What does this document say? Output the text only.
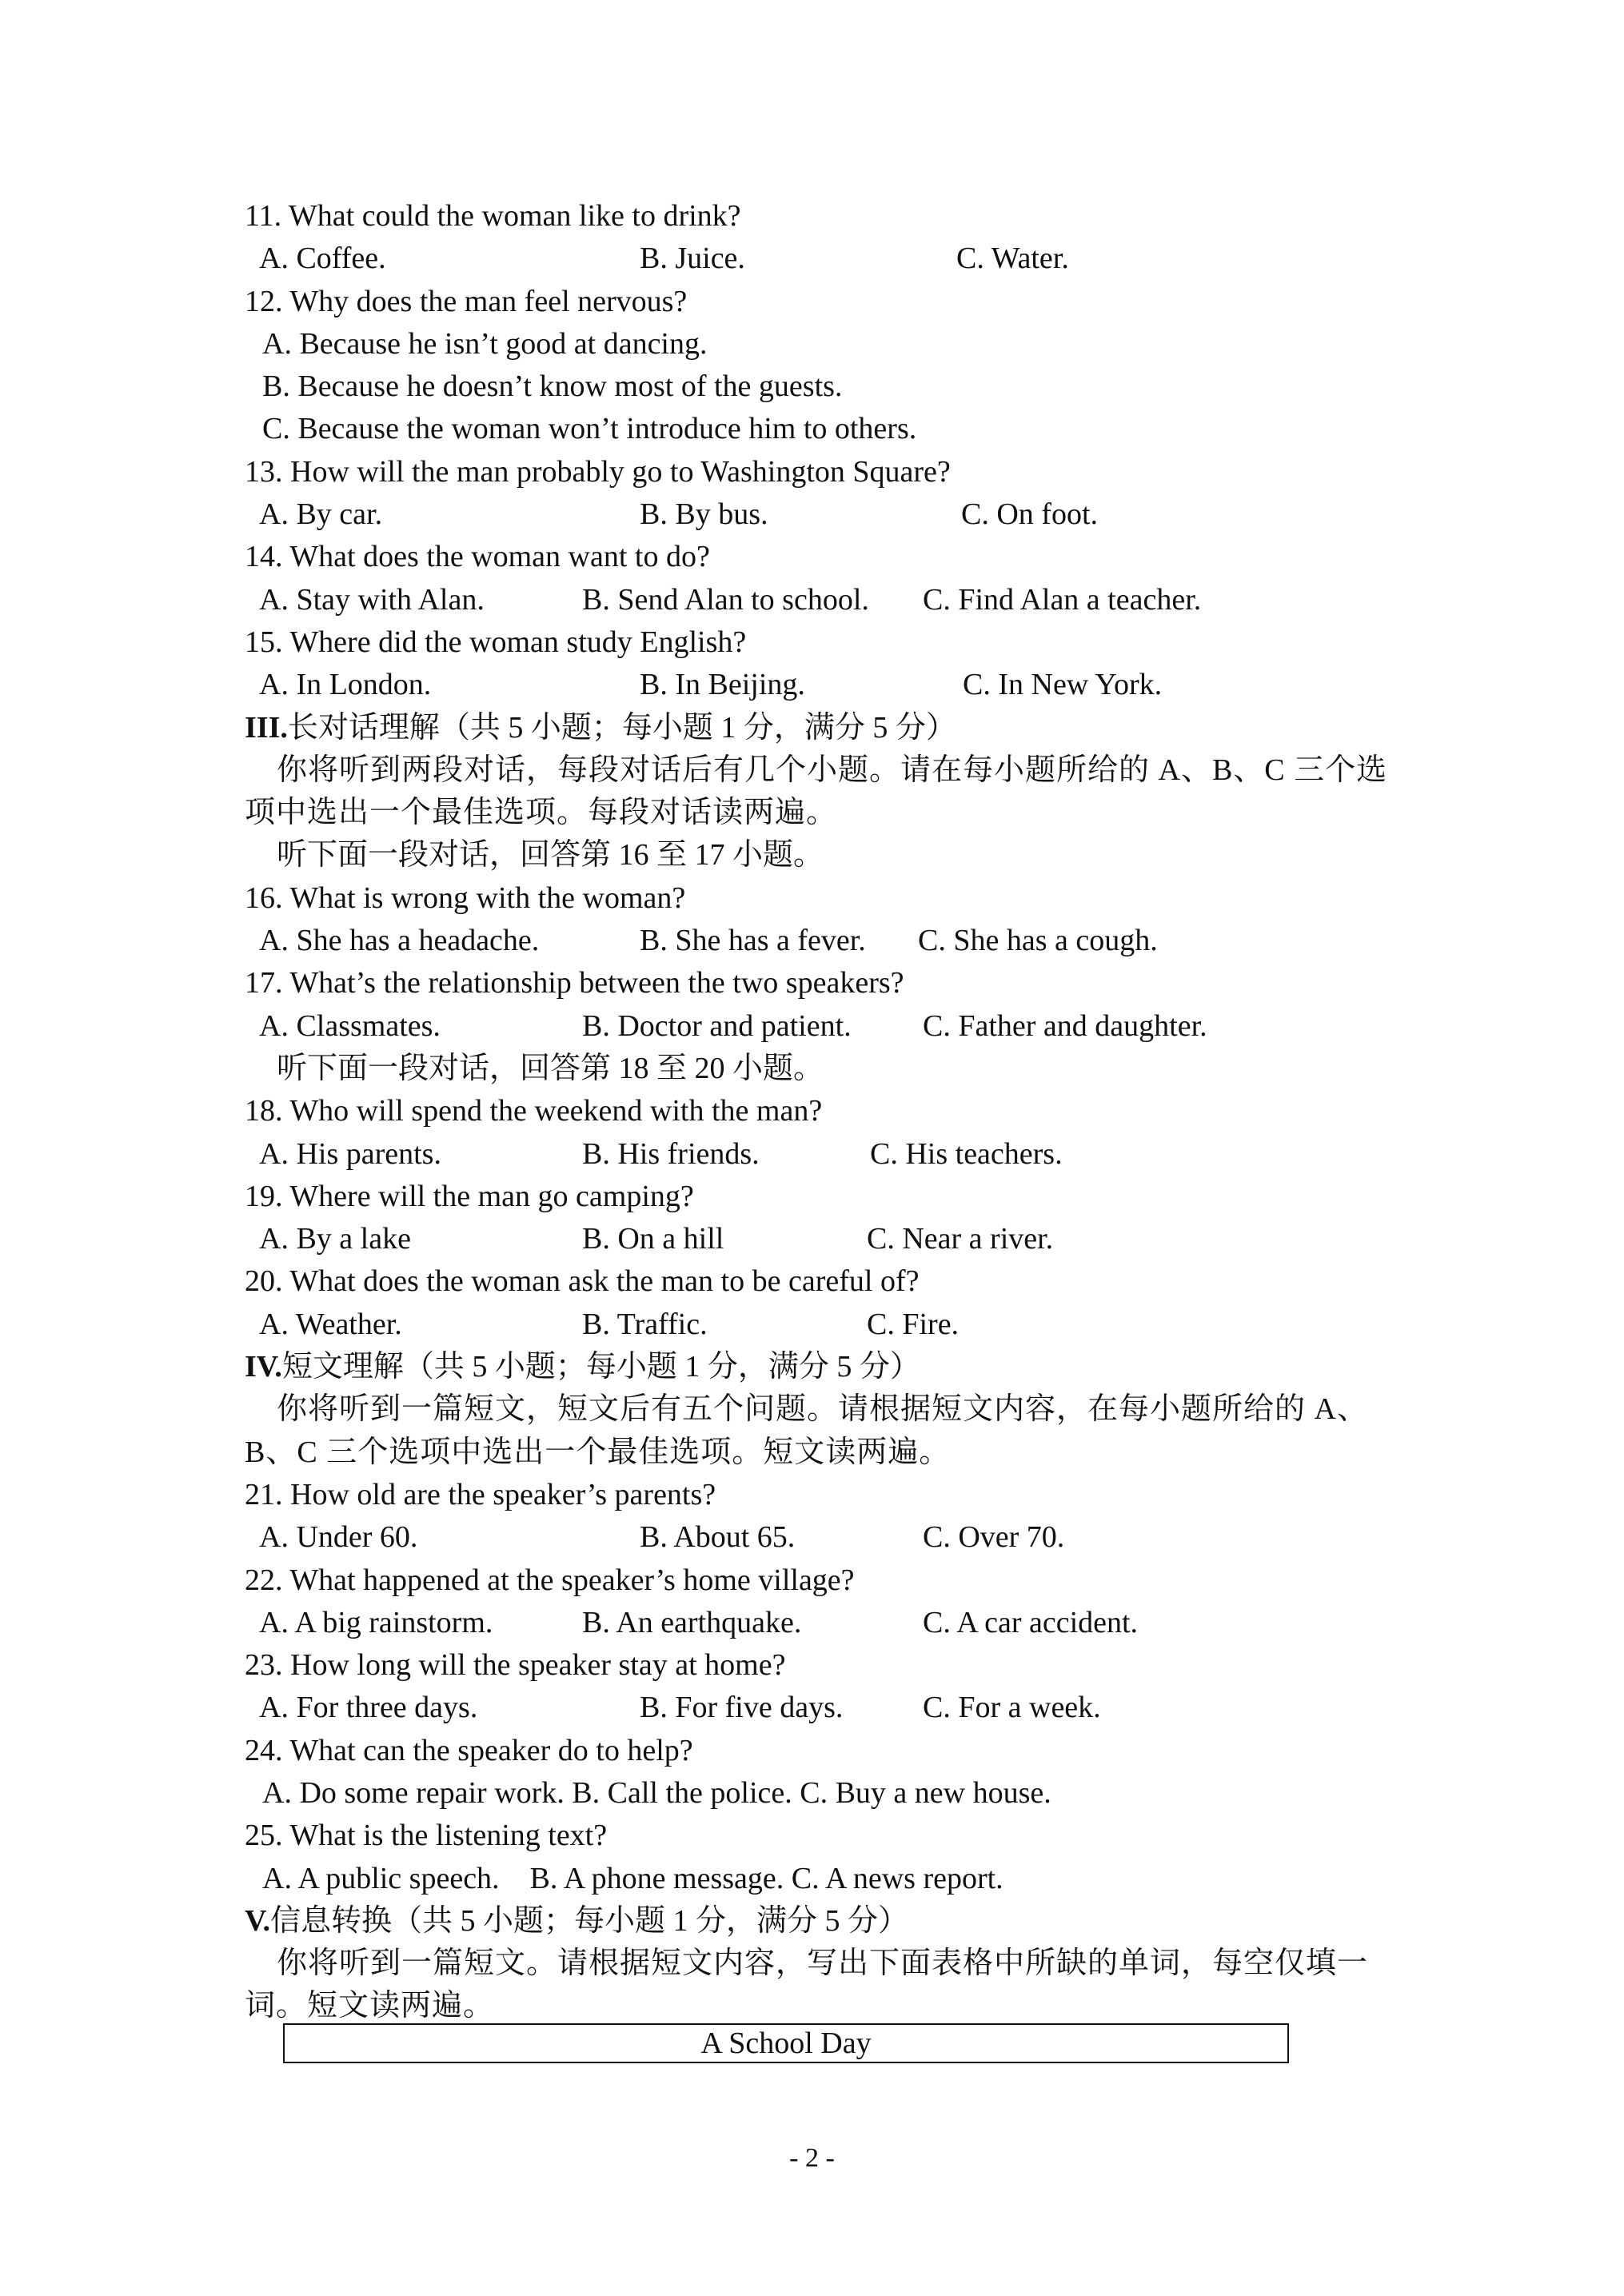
11. What could the woman like to drink?
A. Coffee.	B. Juice.	C. Water.
12. Why does the man feel nervous?
A. Because he isn’t good at dancing.
B. Because he doesn’t know most of the guests.
C. Because the woman won’t introduce him to others.
13. How will the man probably go to Washington Square?
A. By car.	B. By bus.	C. On foot.
14. What does the woman want to do?
A. Stay with Alan.	B. Send Alan to school. C. Find Alan a teacher.
15. Where did the woman study English?
A. In London.	B. In Beijing.	C. In New York.
III.长对话理解（共 5 小题；每小题 1 分，满分 5 分）
你将听到两段对话，每段对话后有几个小题。请在每小题所给的 A、B、C 三个选项中选出一个最佳选项。每段对话读两遍。
听下面一段对话，回答第 16 至 17 小题。
16. What is wrong with the woman?
A. She has a headache.	B. She has a fever. C. She has a cough.
17. What’s the relationship between the two speakers?
A. Classmates.	B. Doctor and patient. C. Father and daughter.
听下面一段对话，回答第 18 至 20 小题。
18. Who will spend the weekend with the man?
A. His parents.	B. His friends.	C. His teachers.
19. Where will the man go camping?
A. By a lake	B. On a hill	C. Near a river.
20. What does the woman ask the man to be careful of?
A. Weather.	B. Traffic.	C. Fire.
IV.短文理解（共 5 小题；每小题 1 分，满分 5 分）
你将听到一篇短文，短文后有五个问题。请根据短文内容，在每小题所给的 A、B、C 三个选项中选出一个最佳选项。短文读两遍。
21. How old are the speaker’s parents?
A. Under 60.	B. About 65.	C. Over 70.
22. What happened at the speaker’s home village?
A. A big rainstorm.	B. An earthquake.	C. A car accident.
23. How long will the speaker stay at home?
A. For three days.	B. For five days.	C. For a week.
24. What can the speaker do to help?
A. Do some repair work. B. Call the police. C. Buy a new house.
25. What is the listening text?
A. A public speech.    B. A phone message. C. A news report.
V.信息转换（共 5 小题；每小题 1 分，满分 5 分）
你将听到一篇短文。请根据短文内容，写出下面表格中所缺的单词，每空仅填一词。短文读两遍。
A School Day
- 2 -
